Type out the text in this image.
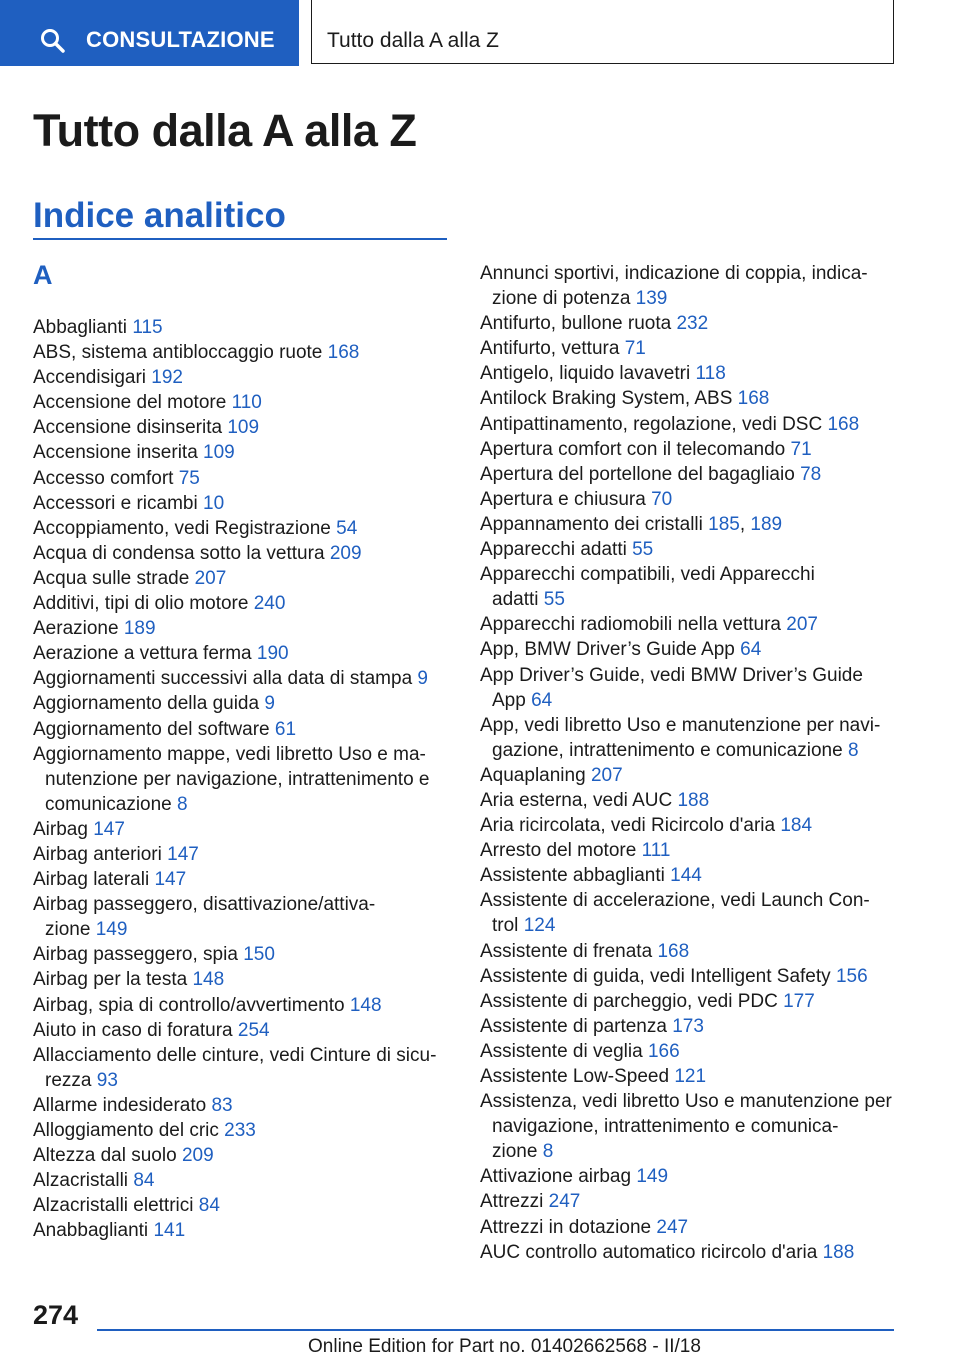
CONSULTAZIONE Tutto dalla A alla Z
Tutto dalla A alla Z
Indice analitico
A
Abbaglianti 115
ABS, sistema antibloccaggio ruote 168
Accendisigari 192
Accensione del motore 110
Accensione disinserita 109
Accensione inserita 109
Accesso comfort 75
Accessori e ricambi 10
Accoppiamento, vedi Registrazione 54
Acqua di condensa sotto la vettura 209
Acqua sulle strade 207
Additivi, tipi di olio motore 240
Aerazione 189
Aerazione a vettura ferma 190
Aggiornamenti successivi alla data di stampa 9
Aggiornamento della guida 9
Aggiornamento del software 61
Aggiornamento mappe, vedi libretto Uso e ma-
nutenzione per navigazione, intrattenimento e
comunicazione 8
Airbag 147
Airbag anteriori 147
Airbag laterali 147
Airbag passeggero, disattivazione/attiva-
zione 149
Airbag passeggero, spia 150
Airbag per la testa 148
Airbag, spia di controllo/avvertimento 148
Aiuto in caso di foratura 254
Allacciamento delle cinture, vedi Cinture di sicu-
rezza 93
Allarme indesiderato 83
Alloggiamento del cric 233
Altezza dal suolo 209
Alzacristalli 84
Alzacristalli elettrici 84
Anabbaglianti 141
Annunci sportivi, indicazione di coppia, indica-
zione di potenza 139
Antifurto, bullone ruota 232
Antifurto, vettura 71
Antigelo, liquido lavavetri 118
Antilock Braking System, ABS 168
Antipattinamento, regolazione, vedi DSC 168
Apertura comfort con il telecomando 71
Apertura del portellone del bagagliaio 78
Apertura e chiusura 70
Appannamento dei cristalli 185, 189
Apparecchi adatti 55
Apparecchi compatibili, vedi Apparecchi
adatti 55
Apparecchi radiomobili nella vettura 207
App, BMW Driver’s Guide App 64
App Driver’s Guide, vedi BMW Driver’s Guide
App 64
App, vedi libretto Uso e manutenzione per navi-
gazione, intrattenimento e comunicazione 8
Aquaplaning 207
Aria esterna, vedi AUC 188
Aria ricircolata, vedi Ricircolo d'aria 184
Arresto del motore 111
Assistente abbaglianti 144
Assistente di accelerazione, vedi Launch Con-
trol 124
Assistente di frenata 168
Assistente di guida, vedi Intelligent Safety 156
Assistente di parcheggio, vedi PDC 177
Assistente di partenza 173
Assistente di veglia 166
Assistente Low-Speed 121
Assistenza, vedi libretto Uso e manutenzione per
navigazione, intrattenimento e comunica-
zione 8
Attivazione airbag 149
Attrezzi 247
Attrezzi in dotazione 247
AUC controllo automatico ricircolo d'aria 188
274
Online Edition for Part no. 01402662568 - II/18
